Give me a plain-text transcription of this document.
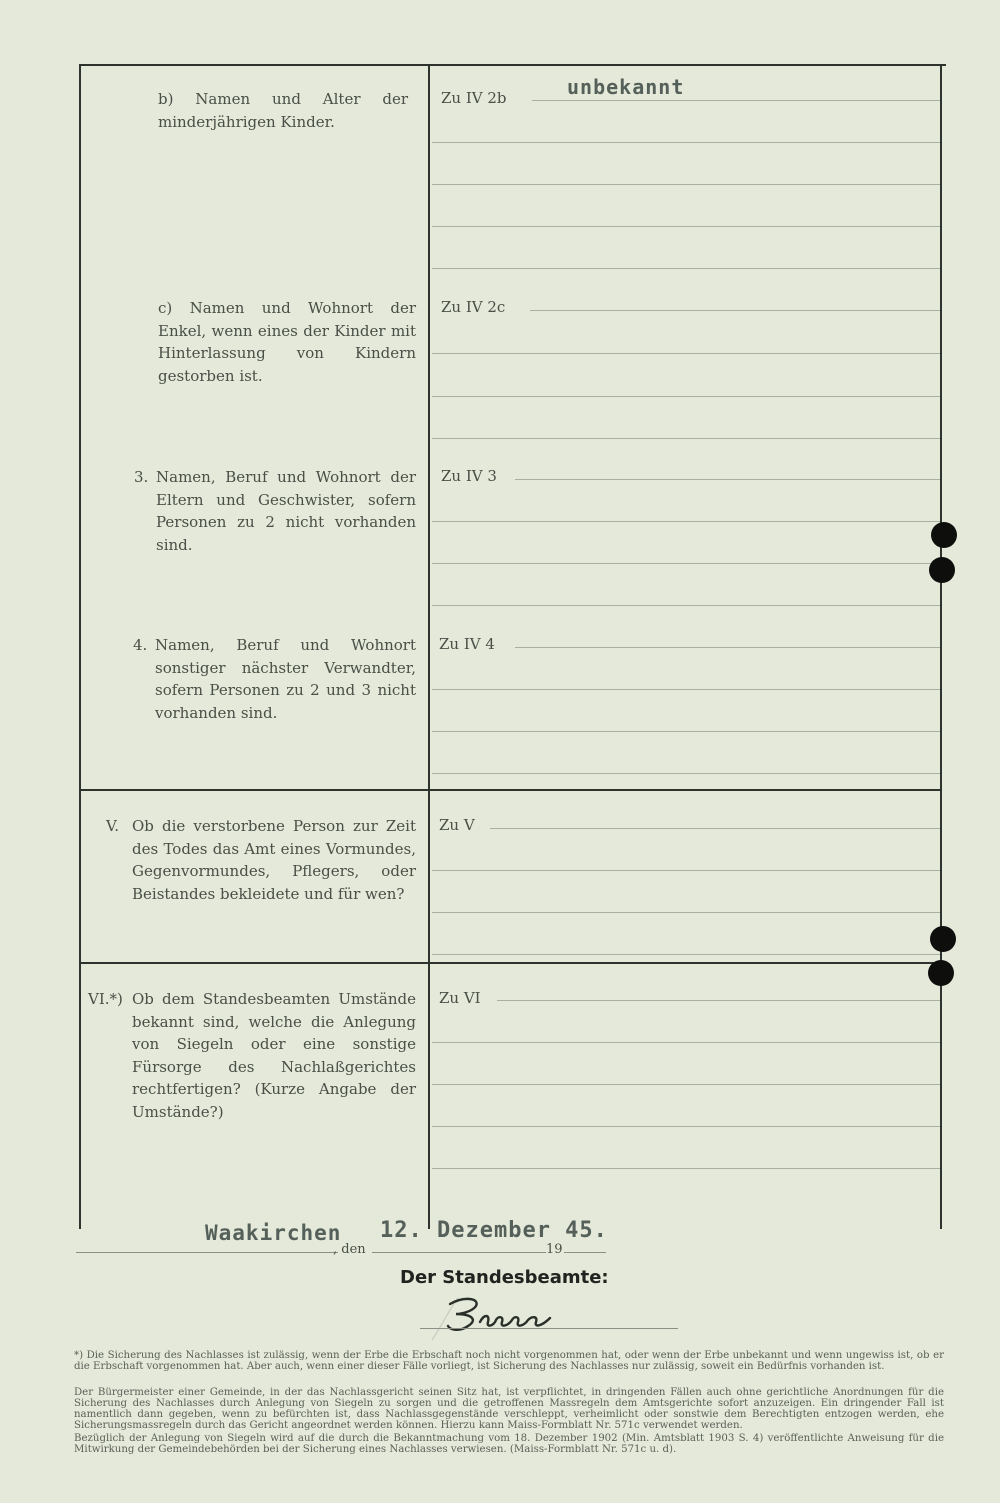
b) Namen und Alter der minderjährigen Kinder.
c) Namen und Wohnort der Enkel, wenn eines der Kinder mit Hinterlassung von Kindern gestorben ist.
3. Namen, Beruf und Wohnort der Eltern und Geschwister, sofern Personen zu 2 nicht vorhanden sind.
4. Namen, Beruf und Wohnort sonstiger nächster Verwandter, sofern Personen zu 2 und 3 nicht vorhanden sind.
V. Ob die verstorbene Person zur Zeit des Todes das Amt eines Vormundes, Gegenvormundes, Pflegers, oder Beistandes bekleidete und für wen?
VI.*) Ob dem Standesbeamten Umstände bekannt sind, welche die Anlegung von Siegeln oder eine sonstige Fürsorge des Nachlaßgerichtes rechtfertigen? (Kurze Angabe der Umstände?)
Zu IV 2b	unbekannt
Zu IV 2c
Zu IV 3
Zu IV 4
Zu V
Zu VI
Waakirchen
, den
12. Dezember 45.
19
Der Standesbeamte:
*) Die Sicherung des Nachlasses ist zulässig, wenn der Erbe die Erbschaft noch nicht vorgenommen hat, oder wenn der Erbe unbekannt und wenn ungewiss ist, ob er die Erbschaft vorgenommen hat. Aber auch, wenn einer dieser Fälle vorliegt, ist Sicherung des Nachlasses nur zulässig, soweit ein Bedürfnis vorhanden ist.
Der Bürgermeister einer Gemeinde, in der das Nachlassgericht seinen Sitz hat, ist verpflichtet, in dringenden Fällen auch ohne gerichtliche Anordnungen für die Sicherung des Nachlasses durch Anlegung von Siegeln zu sorgen und die getroffenen Massregeln dem Amtsgerichte sofort anzuzeigen. Ein dringender Fall ist namentlich dann gegeben, wenn zu befürchten ist, dass Nachlassgegenstände verschleppt, verheimlicht oder sonstwie dem Berechtigten entzogen werden, ehe Sicherungsmassregeln durch das Gericht angeordnet werden können. Hierzu kann Maiss-Formblatt Nr. 571c verwendet werden.
Bezüglich der Anlegung von Siegeln wird auf die durch die Bekanntmachung vom 18. Dezember 1902 (Min. Amtsblatt 1903 S. 4) veröffentlichte Anweisung für die Mitwirkung der Gemeindebehörden bei der Sicherung eines Nachlasses verwiesen. (Maiss-Formblatt Nr. 571c u. d).
